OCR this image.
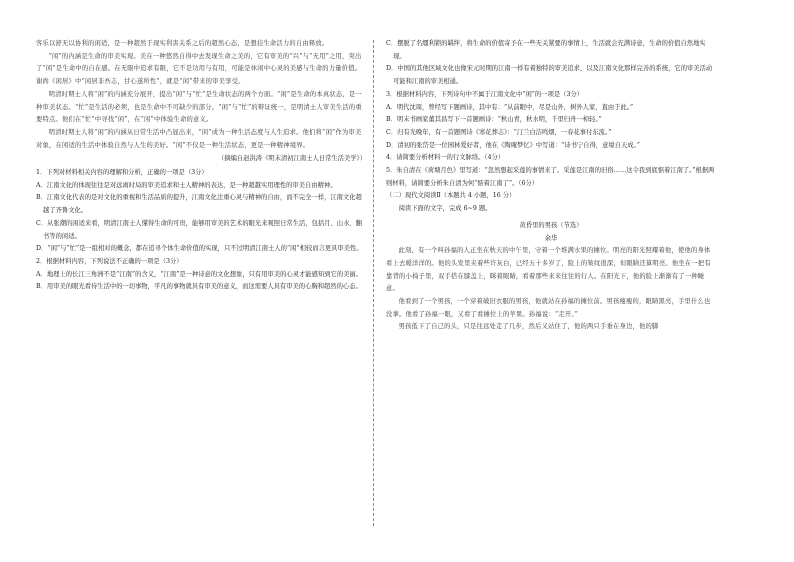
客乐以舒无以协利的闲适，是一种超然于现实利害关系之后的超然心态，是想挂生命活力的自由释放。

“闲”的内涵是生命的审美实现。美在一种悠然自得中去发现生命之美的，它有审美的“兴”与“无用”之用，突出了“闲”是生命中的自在感。在无限中追求有限，它不是功用与有用，可能是休闲中心灵的美感与生命的力量价值。谢尚《闲居》中“闲居非吾志，甘心遂所性”，就是“闲”带来的审美享受。

明清时期士人将“闲”的内涵充分展开，提出“闲”与“忙”是生命状态的两个方面。“闲”是生命的本真状态，是一种审美状态。“忙”是生活的必须，也是生命中不可缺少的部分。“闲”与“忙”的辩证统一，是明清士人审美生活的重要特点。他们在“忙”中寻找“闲”，在“闲”中体验生命的意义。

明清时期士人将“闲”的内涵从日常生活中凸显出来，“闲”成为一种生活态度与人生追求。他们将“闲”作为审美对象，在闲适的生活中体验自然与人生的美好。“闲”不仅是一种生活状态，更是一种精神境界。

（摘编自赵洪涛《明末清初江南士人日常生活美学》）

1．下列对材料相关内容的理解和分析，正确的一项是（3分）

A．江南文化的体现往往是对远离时局的审美追求和士人精神的表达，是一种超越实用理性的审美自由精神。

B．江南文化代表的是对文化的重视和生活品质的提升，江南文化注重心灵与精神的自由，而不完全一样，江南文化超越了齐鲁文化。

C．从张潮的闲适来看，明清江南士人懂得生命的可贵，能够用审美的艺术的眼光来观照日常生活，包括月、山水、翻书等的闲适。

D．“闲”与“忙”是一组相对的概念，都在追寻个体生命价值的实现，只不过明清江南士人的“闲”相较而言更具审美性。

2．根据材料内容，下列说法不正确的一项是（3分）

A．地理上的长江三角洲不是“江南”的含义，“江南”是一种诗意的文化想象，只有用审美的心灵才能感知到它的美丽。

B．用审美的眼光看待生活中的一切事物，平凡的事物就具有审美的意义，而这需要人具有审美的心胸和超然的心态。

C．摆脱了名缰利锁的羁绊，将生命的价值寄予在一些无关紧要的事情上，生活就会充满诗意，生命的价值自然地实现。

D．中国的其他区域文化也像宋元时期的江南一样有着独特的审美追求，以及江南文化那样完善的系统，它的审美活动可能和江南的审美相通。

3．根据材料内容，下列诗句中不属于江南文化中“闲”的一项是（3分）

A．明代沈周，曾经写下题画诗，其中有：“从前眼中，尽是山外，树外人家，直由于此。”

B．明末书画家董其昌写下一首题画诗：“秋山青，秋水明，千里归舟一棹轻。”

C．归有光晚年，有一首题图诗《寒花葬志》：“汀兰白洁鸣烟，一春花事付东流。”

D．清初的张岱是一位园林爱好者，他在《陶庵梦忆》中写道：“诗书宁自得，意境自天成。”

4．请简要分析材料一的行文脉络。（4分）

5．朱自清在《荷塘月色》里写道：“忽然想起采莲的事情来了。采莲是江南的旧俗……这令我到底惦着江南了。”根据两则材料，请简要分析朱自清为何“惦着江南了”。（6分）

（二）现代文阅读Ⅱ（本题共 4 小题，16 分）

阅读下面的文字，完成 6~9 题。

黄昏里的男孩（节选）

余华

此刻，有一个叫孙福的人正坐在秋天的中午里，守着一个堆满水果的摊位。明亮的阳光照耀着他，使他的身体看上去暖洋洋的。他的头发里夹着些许灰白，已经五十多岁了，脸上的皱纹很深，但眼睛还算明亮。他坐在一把有靠背的小椅子里，双手搭在膝盖上，眯着眼睛，看着那些来来往往的行人。在阳光下，他的脸上渐渐有了一种睡意。

他看到了一个男孩，一个穿着破旧衣服的男孩，他就站在孙福的摊位前。男孩瘦瘦的，眼睛黑亮，手里什么也没拿。他看了孙福一眼，又看了看摊位上的苹果。孙福说：“走开。”

男孩低下了自己的头，只是往远处走了几步，然后又站住了，他的两只手垂在身边，他的脚
